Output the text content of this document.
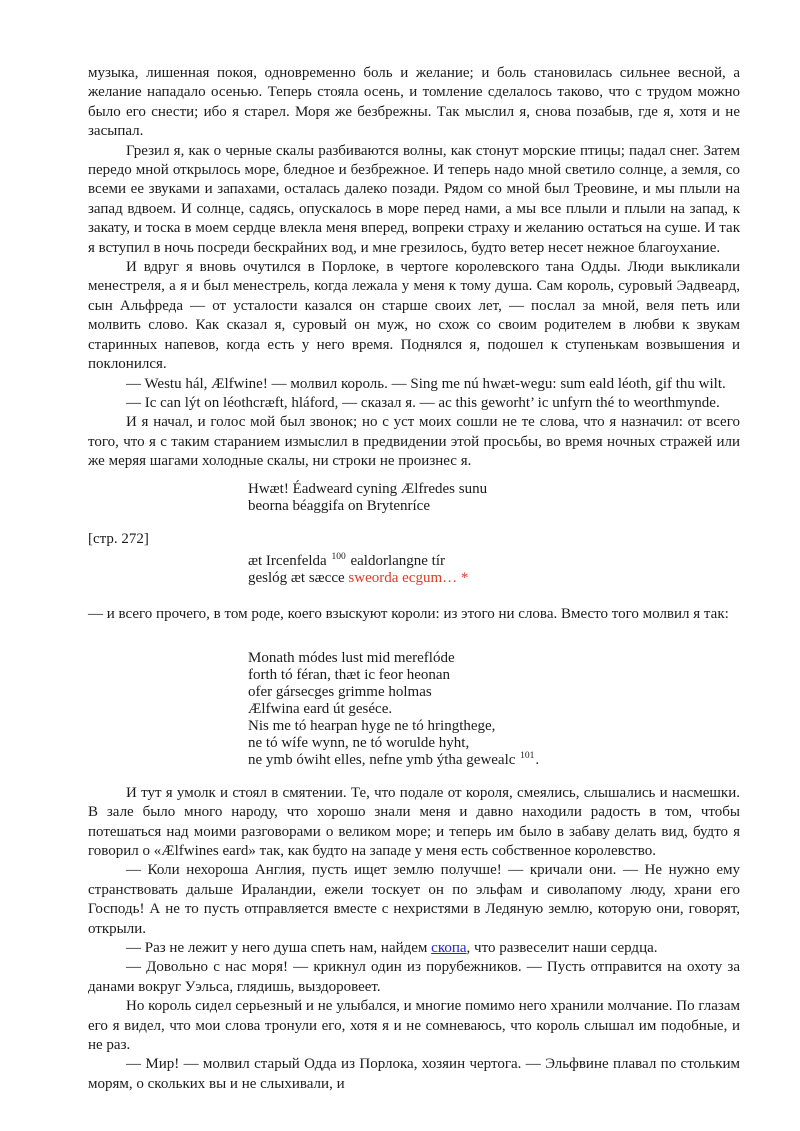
музыка, лишенная покоя, одновременно боль и желание; и боль становилась сильнее весной, а желание нападало осенью. Теперь стояла осень, и томление сделалось таково, что с трудом можно было его снести; ибо я старел. Моря же безбрежны. Так мыслил я, снова позабыв, где я, хотя и не засыпал.

Грезил я, как о черные скалы разбиваются волны, как стонут морские птицы; падал снег. Затем передо мной открылось море, бледное и безбрежное. И теперь надо мной светило солнце, а земля, со всеми ее звуками и запахами, осталась далеко позади. Рядом со мной был Треовине, и мы плыли на запад вдвоем. И солнце, садясь, опускалось в море перед нами, а мы все плыли и плыли на запад, к закату, и тоска в моем сердце влекла меня вперед, вопреки страху и желанию остаться на суше. И так я вступил в ночь посреди бескрайних вод, и мне грезилось, будто ветер несет нежное благоухание.

И вдруг я вновь очутился в Порлоке, в чертоге королевского тана Одды. Люди выкликали менестреля, а я и был менестрель, когда лежала у меня к тому душа. Сам король, суровый Эадвеард, сын Альфреда — от усталости казался он старше своих лет, — послал за мной, веля петь или молвить слово. Как сказал я, суровый он муж, но схож со своим родителем в любви к звукам старинных напевов, когда есть у него время. Поднялся я, подошел к ступенькам возвышения и поклонился.

— Westu hál, Ælfwine! — молвил король. — Sing me nú hwæt-wegu: sum eald léoth, gif thu wilt.

— Ic can lýt on léothcræft, hláford, — сказал я. — ac this geworht’ ic unfyrn thé to weorthmynde.

И я начал, и голос мой был звонок; но с уст моих сошли не те слова, что я назначил: от всего того, что я с таким старанием измыслил в предвидении этой просьбы, во время ночных стражей или же меряя шагами холодные скалы, ни строки не произнес я.

Hwæt! Éadweard cyning Ælfredes sunu
beorna béaggifa on Brytenríce
[стр. 272]
æt Ircenfelda $^{100}$ ealdorlangne tír
geslóg æt sæcce sweorda ecgum… *

— и всего прочего, в том роде, коего взыскуют короли: из этого ни слова. Вместо того молвил я так:

Monath módes lust mid mereflóde
forth tó féran, thæt ic feor heonan
ofer gársecges grimme holmas
Ælfwina eard út geséce.
Nis me tó hearpan hyge ne tó hringthege,
ne tó wífe wynn, ne tó worulde hyht,
ne ymb ówiht elles, nefne ymb ýtha gewealc $^{101}$.

И тут я умолк и стоял в смятении. Те, что подале от короля, смеялись, слышались и насмешки. В зале было много народу, что хорошо знали меня и давно находили радость в том, чтобы потешаться над моими разговорами о великом море; и теперь им было в забаву делать вид, будто я говорил о «Ælfwines eard» так, как будто на западе у меня есть собственное королевство.

— Коли нехороша Англия, пусть ищет землю получше! — кричали они. — Не нужно ему странствовать дальше Ираландии, ежели тоскует он по эльфам и сиволапому люду, храни его Господь! А не то пусть отправляется вместе с нехристями в Ледяную землю, которую они, говорят, открыли.

— Раз не лежит у него душа спеть нам, найдем скопа, что развеселит наши сердца.

— Довольно с нас моря! — крикнул один из порубежников. — Пусть отправится на охоту за данами вокруг Уэльса, глядишь, выздоровеет.

Но король сидел серьезный и не улыбался, и многие помимо него хранили молчание. По глазам его я видел, что мои слова тронули его, хотя я и не сомневаюсь, что король слышал им подобные, и не раз.

— Мир! — молвил старый Одда из Порлока, хозяин чертога. — Эльфвине плавал по стольким морям, о скольких вы и не слыхивали, и
